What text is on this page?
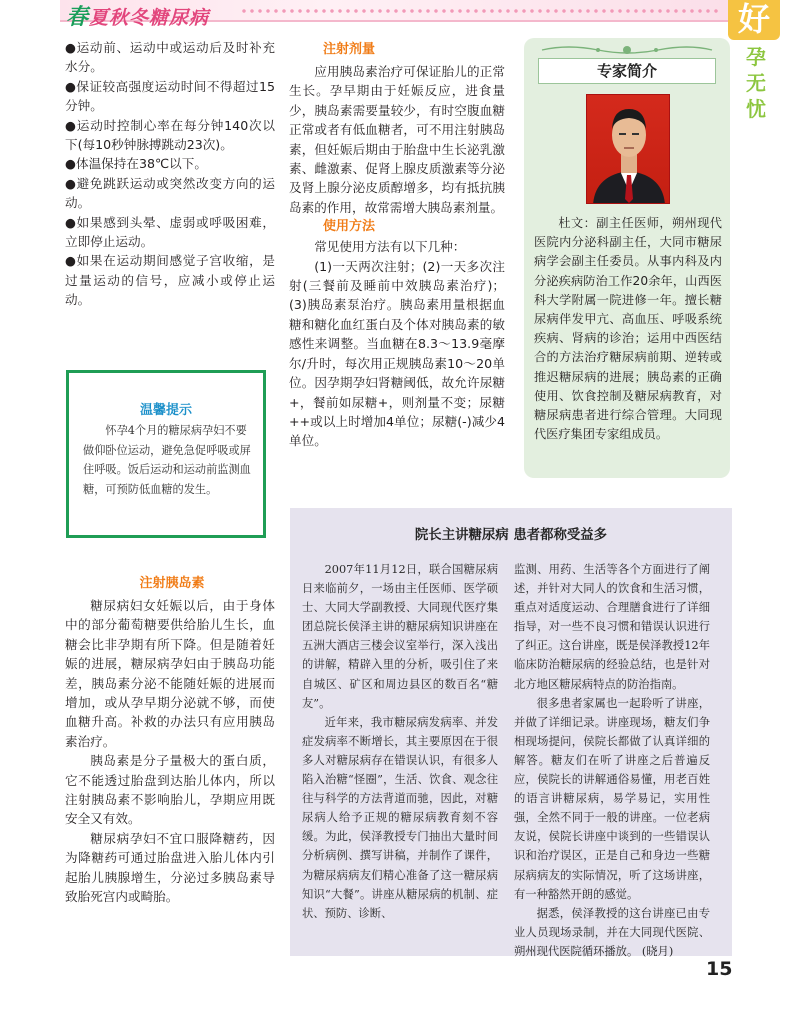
春夏秋冬糖尿病	好
孕无忧

●运动前、运动中或运动后及时补充水分。

●保证较高强度运动时间不得超过15分钟。

●运动时控制心率在每分钟140次以下(每10秒钟脉搏跳动23次)。

●体温保持在38℃以下。

●避免跳跃运动或突然改变方向的运动。

●如果感到头晕、虚弱或呼吸困难，立即停止运动。

●如果在运动期间感觉子宫收缩，是过量运动的信号，应减小或停止运动。

温馨提示
怀孕4个月的糖尿病孕妇不要做仰卧位运动，避免急促呼吸或屏住呼吸。饭后运动和运动前监测血糖，可预防低血糖的发生。
注射胰岛素

糖尿病妇女妊娠以后，由于身体中的部分葡萄糖要供给胎儿生长，血糖会比非孕期有所下降。但是随着妊娠的进展，糖尿病孕妇由于胰岛功能差，胰岛素分泌不能随妊娠的进展而增加，或从孕早期分泌就不够，而使血糖升高。补救的办法只有应用胰岛素治疗。

胰岛素是分子量极大的蛋白质，它不能透过胎盘到达胎儿体内，所以注射胰岛素不影响胎儿，孕期应用既安全又有效。

糖尿病孕妇不宜口服降糖药，因为降糖药可通过胎盘进入胎儿体内引起胎儿胰腺增生，分泌过多胰岛素导致胎死宫内或畸胎。

注射剂量

应用胰岛素治疗可保证胎儿的正常生长。孕早期由于妊娠反应，进食量少，胰岛素需要量较少，有时空腹血糖正常或者有低血糖者，可不用注射胰岛素，但妊娠后期由于胎盘中生长泌乳激素、雌激素、促肾上腺皮质激素等分泌及肾上腺分泌皮质醇增多，均有抵抗胰岛素的作用，故常需增大胰岛素剂量。

使用方法

常见使用方法有以下几种：

(1)一天两次注射；(2)一天多次注射(三餐前及睡前中效胰岛素治疗)；(3)胰岛素泵治疗。胰岛素用量根据血糖和糖化血红蛋白及个体对胰岛素的敏感性来调整。当血糖在8.3～13.9毫摩尔/升时，每次用正规胰岛素10～20单位。因孕期孕妇肾糖阈低，故允许尿糖+，餐前如尿糖+，则剂量不变；尿糖++或以上时增加4单位；尿糖(-)减少4单位。

专家简介

杜文：副主任医师，朔州现代医院内分泌科副主任，大同市糖尿病学会副主任委员。从事内科及内分泌疾病防治工作20余年，山西医科大学附属一院进修一年。擅长糖尿病伴发甲亢、高血压、呼吸系统疾病、肾病的诊治；运用中西医结合的方法治疗糖尿病前期、逆转或推迟糖尿病的进展；胰岛素的正确使用、饮食控制及糖尿病教育，对糖尿病患者进行综合管理。大同现代医疗集团专家组成员。

院长主讲糖尿病 患者都称受益多

2007年11月12日，联合国糖尿病日来临前夕，一场由主任医师、医学硕士、大同大学副教授、大同现代医疗集团总院长侯泽主讲的糖尿病知识讲座在五洲大酒店三楼会议室举行，深入浅出的讲解，精辟入里的分析，吸引住了来自城区、矿区和周边县区的数百名“糖友”。

近年来，我市糖尿病发病率、并发症发病率不断增长，其主要原因在于很多人对糖尿病存在错误认识，有很多人陷入治糖“怪圈”，生活、饮食、观念往往与科学的方法背道而驰，因此，对糖尿病人给予正规的糖尿病教育刻不容缓。为此，侯泽教授专门抽出大量时间分析病例、撰写讲稿，并制作了课件，为糖尿病病友们精心准备了这一糖尿病知识“大餐”。讲座从糖尿病的机制、症状、预防、诊断、

监测、用药、生活等各个方面进行了阐述，并针对大同人的饮食和生活习惯，重点对适度运动、合理膳食进行了详细指导，对一些不良习惯和错误认识进行了纠正。这台讲座，既是侯泽教授12年临床防治糖尿病的经验总结，也是针对北方地区糖尿病特点的防治指南。

很多患者家属也一起聆听了讲座，并做了详细记录。讲座现场，糖友们争相现场提问，侯院长都做了认真详细的解答。糖友们在听了讲座之后普遍反应，侯院长的讲解通俗易懂，用老百姓的语言讲糖尿病，易学易记，实用性强，全然不同于一般的讲座。一位老病友说，侯院长讲座中谈到的一些错误认识和治疗误区，正是自己和身边一些糖尿病病友的实际情况，听了这场讲座，有一种豁然开朗的感觉。

据悉，侯泽教授的这台讲座已由专业人员现场录制，并在大同现代医院、朔州现代医院循环播放。 (晓月)

15
